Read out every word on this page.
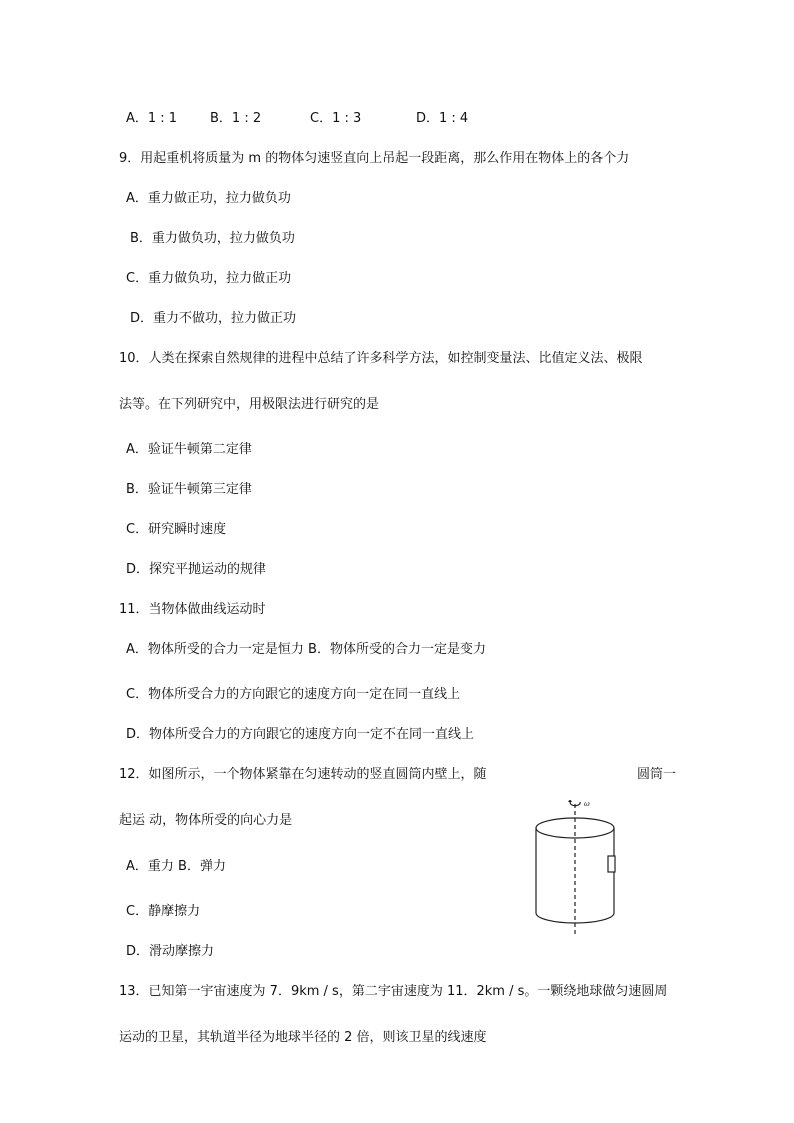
A．1 : 1	B．1 : 2	C．1 : 3	D．1 : 4
9．用起重机将质量为 m 的物体匀速竖直向上吊起一段距离，那么作用在物体上的各个力
A．重力做正功，拉力做负功
B．重力做负功，拉力做负功
C．重力做负功，拉力做正功
D．重力不做功，拉力做正功
10．人类在探索自然规律的进程中总结了许多科学方法，如控制变量法、比值定义法、极限
法等。在下列研究中，用极限法进行研究的是
A．验证牛顿第二定律
B．验证牛顿第三定律
C．研究瞬时速度
D．探究平抛运动的规律
11．当物体做曲线运动时
A．物体所受的合力一定是恒力 B．物体所受的合力一定是变力
C．物体所受合力的方向跟它的速度方向一定在同一直线上
D．物体所受合力的方向跟它的速度方向一定不在同一直线上
12．如图所示，一个物体紧靠在匀速转动的竖直圆筒内壁上，随	圆筒一
起运 动，物体所受的向心力是
A．重力 B．弹力
C．静摩擦力
D．滑动摩擦力
ω
13．已知第一宇宙速度为 7．9km / s，第二宇宙速度为 11．2km / s。一颗绕地球做匀速圆周
运动的卫星，其轨道半径为地球半径的 2 倍，则该卫星的线速度
